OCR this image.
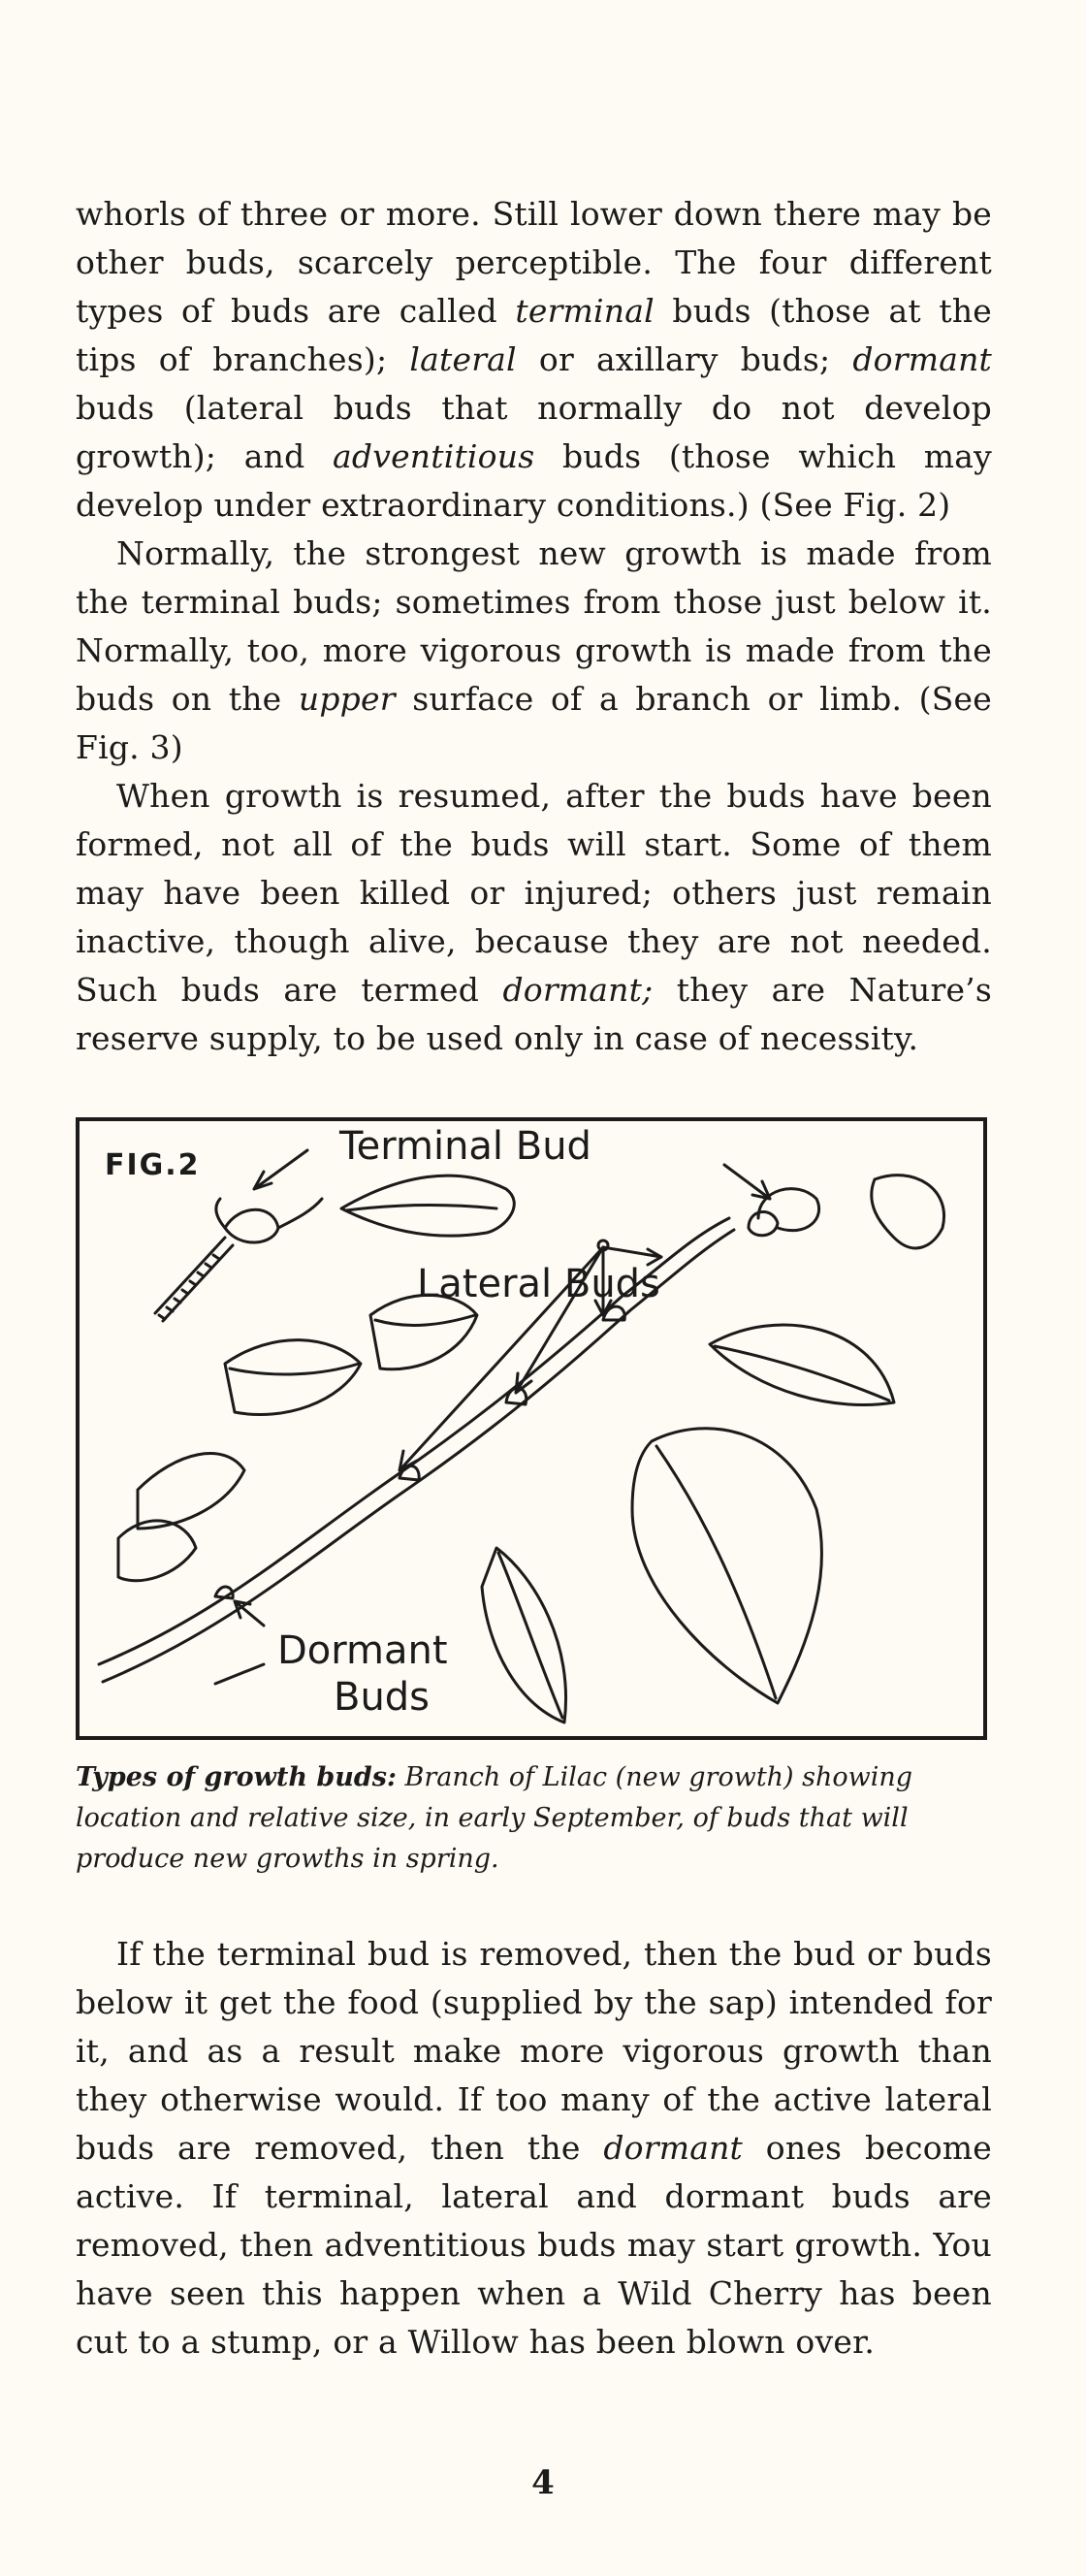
whorls of three or more. Still lower down there may be other buds, scarcely perceptible. The four different types of buds are called terminal buds (those at the tips of branches); lateral or axillary buds; dormant buds (lateral buds that normally do not develop growth); and adventitious buds (those which may develop under extraordinary conditions.) (See Fig. 2)

Normally, the strongest new growth is made from the terminal buds; sometimes from those just below it. Normally, too, more vigorous growth is made from the buds on the upper surface of a branch or limb. (See Fig. 3)

When growth is resumed, after the buds have been formed, not all of the buds will start. Some of them may have been killed or injured; others just remain inactive, though alive, because they are not needed. Such buds are termed dormant; they are Nature’s reserve supply, to be used only in case of necessity.

FIG.2	Terminal Bud
Lateral Buds
Dormant
Buds
Types of growth buds: Branch of Lilac (new growth) showing location and relative size, in early September, of buds that will produce new growths in spring.

If the terminal bud is removed, then the bud or buds below it get the food (supplied by the sap) intended for it, and as a result make more vigorous growth than they otherwise would. If too many of the active lateral buds are removed, then the dormant ones become active. If terminal, lateral and dormant buds are removed, then adventitious buds may start growth. You have seen this happen when a Wild Cherry has been cut to a stump, or a Willow has been blown over.

4
